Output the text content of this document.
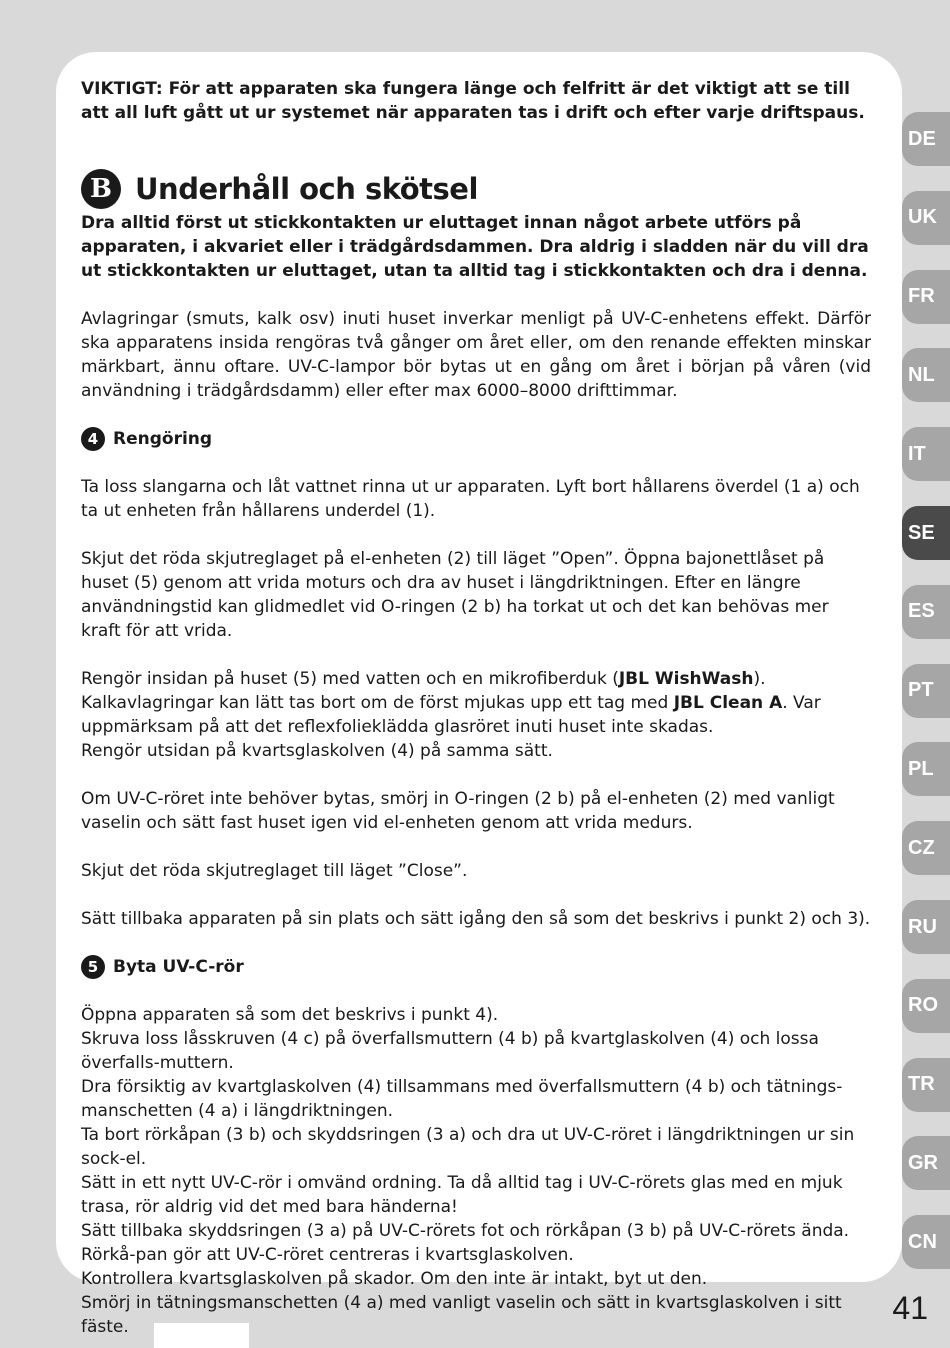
VIKTIGT: För att apparaten ska fungera länge och felfritt är det viktigt att se till att all luft gått ut ur systemet när apparaten tas i drift och efter varje driftspaus.

B Underhåll och skötsel

Dra alltid först ut stickkontakten ur eluttaget innan något arbete utförs på apparaten, i akvariet eller i trädgårdsdammen. Dra aldrig i sladden när du vill dra ut stickkontakten ur eluttaget, utan ta alltid tag i stickkontakten och dra i denna.

Avlagringar (smuts, kalk osv) inuti huset inverkar menligt på UV-C-enhetens effekt. Därför ska apparatens insida rengöras två gånger om året eller, om den renande effekten minskar märkbart, ännu oftare. UV-C-lampor bör bytas ut en gång om året i början på våren (vid användning i trädgårdsdamm) eller efter max 6000–8000 drifttimmar.

4 Rengöring

Ta loss slangarna och låt vattnet rinna ut ur apparaten. Lyft bort hållarens överdel (1 a) och ta ut enheten från hållarens underdel (1).

Skjut det röda skjutreglaget på el-enheten (2) till läget ”Open”. Öppna bajonettlåset på huset (5) genom att vrida moturs och dra av huset i längdriktningen. Efter en längre användningstid kan glidmedlet vid O-ringen (2 b) ha torkat ut och det kan behövas mer kraft för att vrida.

Rengör insidan på huset (5) med vatten och en mikrofiberduk (JBL WishWash). Kalkavlagringar kan lätt tas bort om de först mjukas upp ett tag med JBL Clean A. Var uppmärksam på att det reflexfolieklädda glasröret inuti huset inte skadas.

Rengör utsidan på kvartsglaskolven (4) på samma sätt.

Om UV-C-röret inte behöver bytas, smörj in O-ringen (2 b) på el-enheten (2) med vanligt vaselin och sätt fast huset igen vid el-enheten genom att vrida medurs.

Skjut det röda skjutreglaget till läget ”Close”.

Sätt tillbaka apparaten på sin plats och sätt igång den så som det beskrivs i punkt 2) och 3).

5 Byta UV-C-rör

Öppna apparaten så som det beskrivs i punkt 4).

Skruva loss låsskruven (4 c) på överfallsmuttern (4 b) på kvartglaskolven (4) och lossa överfalls-muttern.

Dra försiktig av kvartglaskolven (4) tillsammans med överfallsmuttern (4 b) och tätnings-manschetten (4 a) i längdriktningen.

Ta bort rörkåpan (3 b) och skyddsringen (3 a) och dra ut UV-C-röret i längdriktningen ur sin sock-el.

Sätt in ett nytt UV-C-rör i omvänd ordning. Ta då alltid tag i UV-C-rörets glas med en mjuk trasa, rör aldrig vid det med bara händerna!

Sätt tillbaka skyddsringen (3 a) på UV-C-rörets fot och rörkåpan (3 b) på UV-C-rörets ända. Rörkå-pan gör att UV-C-röret centreras i kvartsglaskolven.

Kontrollera kvartsglaskolven på skador. Om den inte är intakt, byt ut den.

Smörj in tätningsmanschetten (4 a) med vanligt vaselin och sätt in kvartsglaskolven i sitt fäste.

DE
UK
FR
NL
IT
SE
ES
PT
PL
CZ
RU
RO
TR
GR
CN
41
